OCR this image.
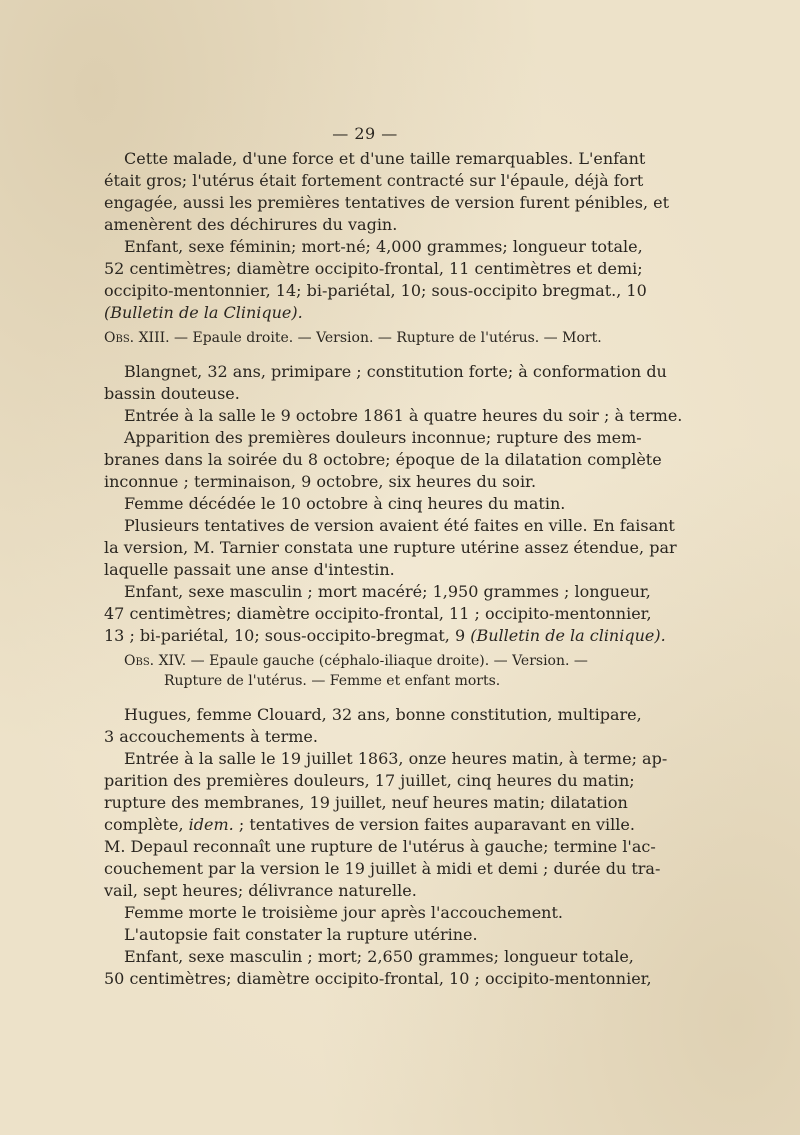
— 29 —
Cette malade, d'une force et d'une taille remarquables. L'enfant
était gros; l'utérus était fortement contracté sur l'épaule, déjà fort
engagée, aussi les premières tentatives de version furent pénibles, et
amenèrent des déchirures du vagin.
Enfant, sexe féminin; mort-né; 4,000 grammes; longueur totale,
52 centimètres; diamètre occipito-frontal, 11 centimètres et demi;
occipito-mentonnier, 14; bi-pariétal, 10; sous-occipito bregmat., 10
(Bulletin de la Clinique).
Obs. XIII. — Epaule droite. — Version. — Rupture de l'utérus. — Mort.
Blangnet, 32 ans, primipare ; constitution forte; à conformation du
bassin douteuse.
Entrée à la salle le 9 octobre 1861 à quatre heures du soir ; à terme.
Apparition des premières douleurs inconnue; rupture des mem-
branes dans la soirée du 8 octobre; époque de la dilatation complète
inconnue ; terminaison, 9 octobre, six heures du soir.
Femme décédée le 10 octobre à cinq heures du matin.
Plusieurs tentatives de version avaient été faites en ville. En faisant
la version, M. Tarnier constata une rupture utérine assez étendue, par
laquelle passait une anse d'intestin.
Enfant, sexe masculin ; mort macéré; 1,950 grammes ; longueur,
47 centimètres; diamètre occipito-frontal, 11 ; occipito-mentonnier,
13 ; bi-pariétal, 10; sous-occipito-bregmat, 9 (Bulletin de la clinique).
Obs. XIV. — Epaule gauche (céphalo-iliaque droite). — Version. —
Rupture de l'utérus. — Femme et enfant morts.
Hugues, femme Clouard, 32 ans, bonne constitution, multipare,
3 accouchements à terme.
Entrée à la salle le 19 juillet 1863, onze heures matin, à terme; ap-
parition des premières douleurs, 17 juillet, cinq heures du matin;
rupture des membranes, 19 juillet, neuf heures matin; dilatation
complète, idem. ; tentatives de version faites auparavant en ville.
M. Depaul reconnaît une rupture de l'utérus à gauche; termine l'ac-
couchement par la version le 19 juillet à midi et demi ; durée du tra-
vail, sept heures; délivrance naturelle.
Femme morte le troisième jour après l'accouchement.
L'autopsie fait constater la rupture utérine.
Enfant, sexe masculin ; mort; 2,650 grammes; longueur totale,
50 centimètres; diamètre occipito-frontal, 10 ; occipito-mentonnier,
